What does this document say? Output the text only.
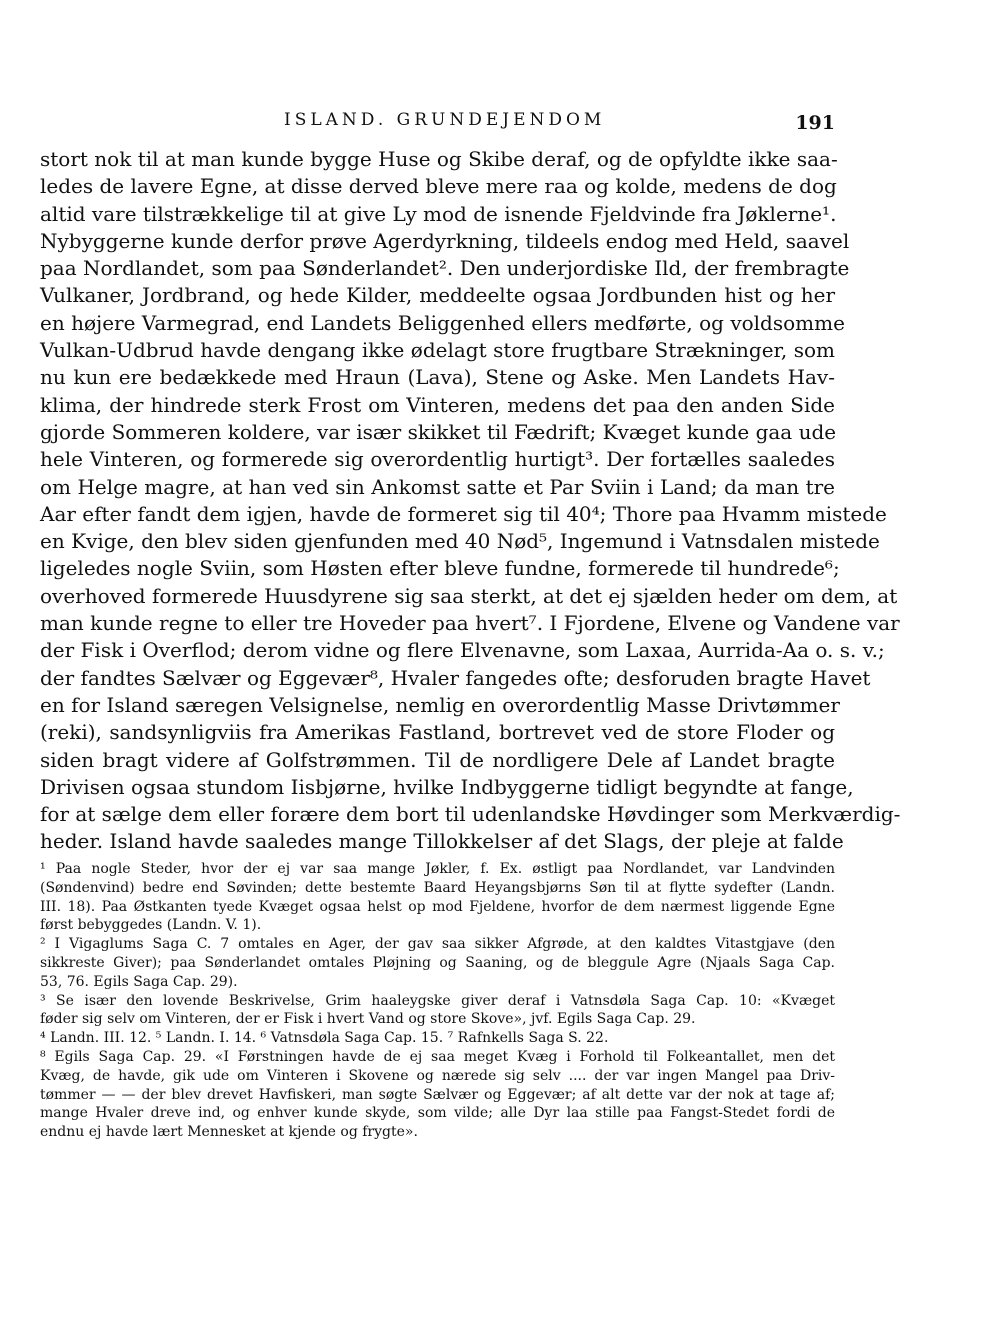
ISLAND. GRUNDEJENDOM	191
stort nok til at man kunde bygge Huse og Skibe deraf, og de opfyldte ikke saa-
ledes de lavere Egne, at disse derved bleve mere raa og kolde, medens de dog
altid vare tilstrækkelige til at give Ly mod de isnende Fjeldvinde fra Jøklerne¹.
Nybyggerne kunde derfor prøve Agerdyrkning, tildeels endog med Held, saavel
paa Nordlandet, som paa Sønderlandet². Den underjordiske Ild, der frembragte
Vulkaner, Jordbrand, og hede Kilder, meddeelte ogsaa Jordbunden hist og her
en højere Varmegrad, end Landets Beliggenhed ellers medførte, og voldsomme
Vulkan-Udbrud havde dengang ikke ødelagt store frugtbare Strækninger, som
nu kun ere bedækkede med Hraun (Lava), Stene og Aske. Men Landets Hav-
klima, der hindrede sterk Frost om Vinteren, medens det paa den anden Side
gjorde Sommeren koldere, var især skikket til Fædrift; Kvæget kunde gaa ude
hele Vinteren, og formerede sig overordentlig hurtigt³. Der fortælles saaledes
om Helge magre, at han ved sin Ankomst satte et Par Sviin i Land; da man tre
Aar efter fandt dem igjen, havde de formeret sig til 40⁴; Thore paa Hvamm mistede
en Kvige, den blev siden gjenfunden med 40 Nød⁵, Ingemund i Vatnsdalen mistede
ligeledes nogle Sviin, som Høsten efter bleve fundne, formerede til hundrede⁶;
overhoved formerede Huusdyrene sig saa sterkt, at det ej sjælden heder om dem, at
man kunde regne to eller tre Hoveder paa hvert⁷. I Fjordene, Elvene og Vandene var
der Fisk i Overflod; derom vidne og flere Elvenavne, som Laxaa, Aurrida-Aa o. s. v.;
der fandtes Sælvær og Eggevær⁸, Hvaler fangedes ofte; desforuden bragte Havet
en for Island særegen Velsignelse, nemlig en overordentlig Masse Drivtømmer
(reki), sandsynligviis fra Amerikas Fastland, bortrevet ved de store Floder og
siden bragt videre af Golfstrømmen. Til de nordligere Dele af Landet bragte
Drivisen ogsaa stundom Iisbjørne, hvilke Indbyggerne tidligt begyndte at fange,
for at sælge dem eller forære dem bort til udenlandske Høvdinger som Merkværdig-
heder. Island havde saaledes mange Tillokkelser af det Slags, der pleje at falde
¹ Paa nogle Steder, hvor der ej var saa mange Jøkler, f. Ex. østligt paa Nordlandet, var Landvinden
(Søndenvind) bedre end Søvinden; dette bestemte Baard Heyangsbjørns Søn til at flytte sydefter (Landn.
III. 18). Paa Østkanten tyede Kvæget ogsaa helst op mod Fjeldene, hvorfor de dem nærmest liggende Egne
først bebyggedes (Landn. V. 1).
² I Vigaglums Saga C. 7 omtales en Ager, der gav saa sikker Afgrøde, at den kaldtes Vitastgjave (den
sikkreste Giver); paa Sønderlandet omtales Pløjning og Saaning, og de bleggule Agre (Njaals Saga Cap.
53, 76. Egils Saga Cap. 29).
³ Se især den lovende Beskrivelse, Grim haaleygske giver deraf i Vatnsdøla Saga Cap. 10: «Kvæget
føder sig selv om Vinteren, der er Fisk i hvert Vand og store Skove», jvf. Egils Saga Cap. 29.
⁴ Landn. III. 12. ⁵ Landn. I. 14. ⁶ Vatnsdøla Saga Cap. 15. ⁷ Rafnkells Saga S. 22.
⁸ Egils Saga Cap. 29. «I Førstningen havde de ej saa meget Kvæg i Forhold til Folkeantallet, men det
Kvæg, de havde, gik ude om Vinteren i Skovene og nærede sig selv .... der var ingen Mangel paa Driv-
tømmer — — der blev drevet Havfiskeri, man søgte Sælvær og Eggevær; af alt dette var der nok at tage af;
mange Hvaler dreve ind, og enhver kunde skyde, som vilde; alle Dyr laa stille paa Fangst-Stedet fordi de
endnu ej havde lært Mennesket at kjende og frygte».
